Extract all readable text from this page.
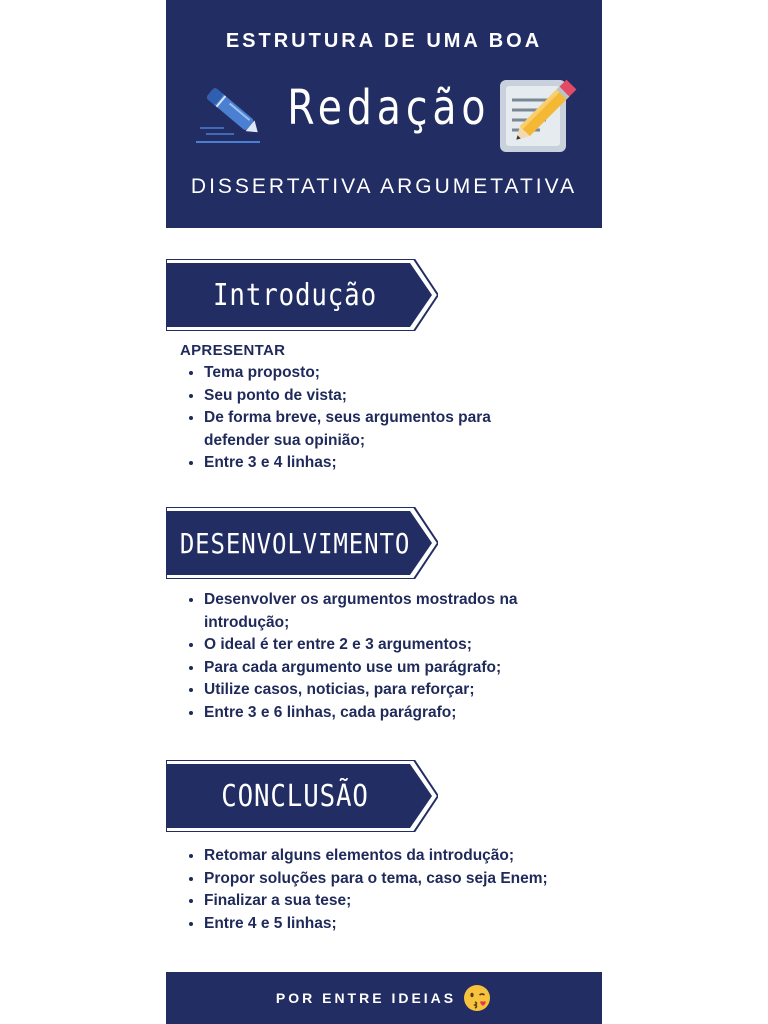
ESTRUTURA DE UMA BOA
Redação
DISSERTATIVA ARGUMETATIVA
Introdução
APRESENTAR
• Tema proposto;
• Seu ponto de vista;
• De forma breve, seus argumentos para defender sua opinião;
• Entre 3 e 4 linhas;
DESENVOLVIMENTO
• Desenvolver os argumentos mostrados na introdução;
• O ideal é ter entre 2 e 3 argumentos;
• Para cada argumento use um parágrafo;
• Utilize casos, noticias, para reforçar;
• Entre 3 e 6 linhas, cada parágrafo;
CONCLUSÃO
• Retomar alguns elementos da introdução;
• Propor soluções para o tema, caso seja Enem;
• Finalizar a sua tese;
• Entre 4 e 5 linhas;
POR ENTRE IDEIAS
